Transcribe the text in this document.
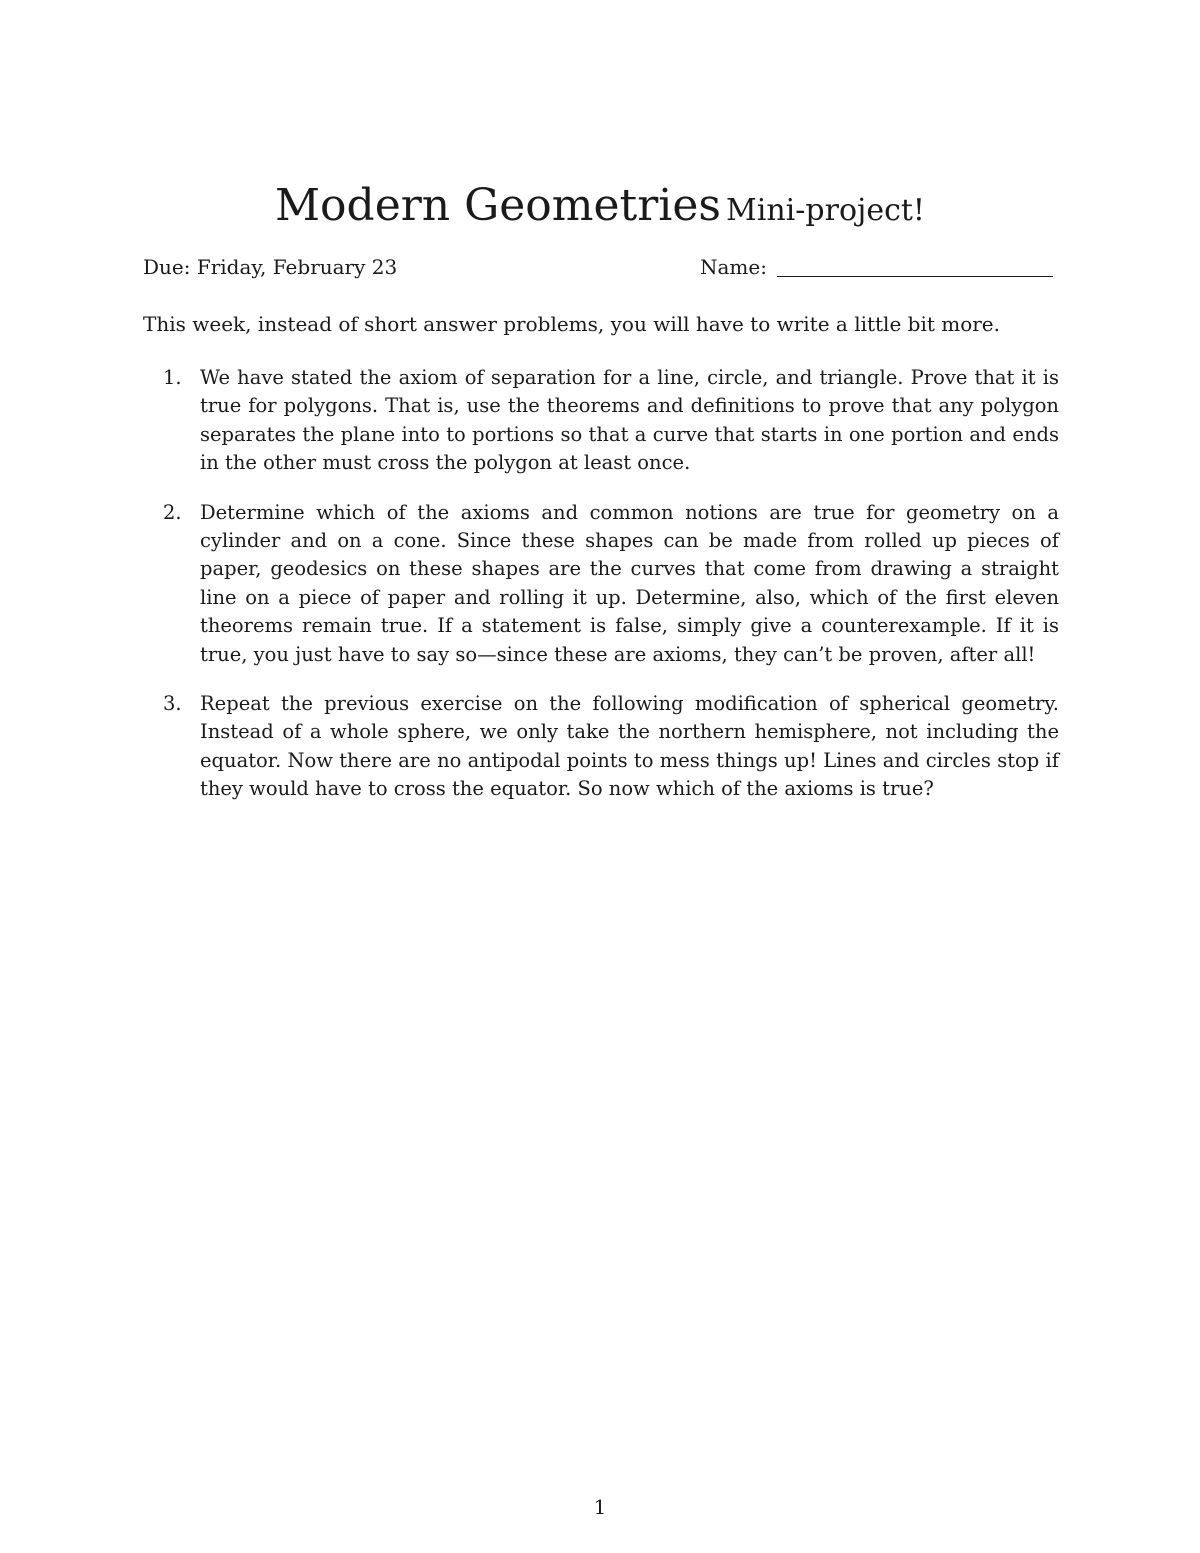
Modern Geometries Mini-project!
Due: Friday, February 23	Name:
This week, instead of short answer problems, you will have to write a little bit more.
1. We have stated the axiom of separation for a line, circle, and triangle. Prove that it is true for polygons. That is, use the theorems and definitions to prove that any polygon separates the plane into to portions so that a curve that starts in one portion and ends in the other must cross the polygon at least once.
2. Determine which of the axioms and common notions are true for geometry on a cylinder and on a cone. Since these shapes can be made from rolled up pieces of paper, geodesics on these shapes are the curves that come from drawing a straight line on a piece of paper and rolling it up. Determine, also, which of the first eleven theorems remain true. If a statement is false, simply give a counterexample. If it is true, you just have to say so—since these are axioms, they can’t be proven, after all!
3. Repeat the previous exercise on the following modification of spherical geometry. Instead of a whole sphere, we only take the northern hemisphere, not including the equator. Now there are no antipodal points to mess things up! Lines and circles stop if they would have to cross the equator. So now which of the axioms is true?
1
